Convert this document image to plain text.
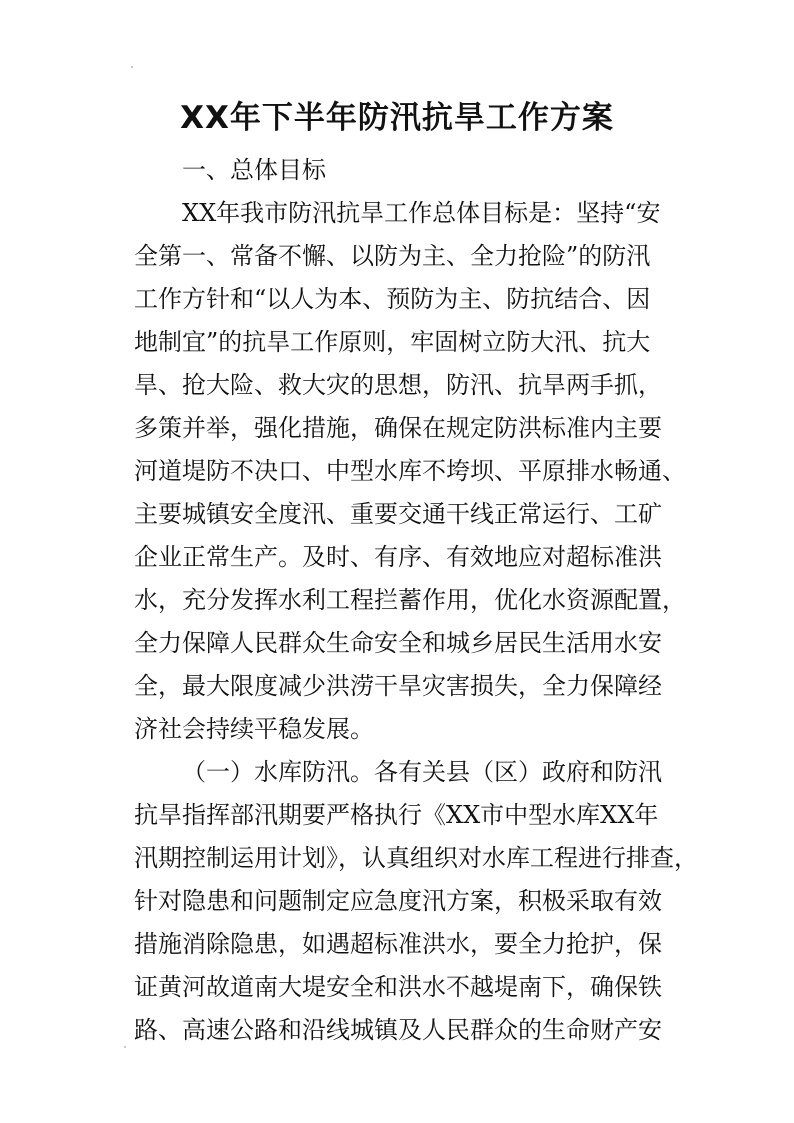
XX年下半年防汛抗旱工作方案

一、总体目标

XX年我市防汛抗旱工作总体目标是：坚持“安

全第一、常备不懈、以防为主、全力抢险”的防汛

工作方针和“以人为本、预防为主、防抗结合、因

地制宜”的抗旱工作原则，牢固树立防大汛、抗大

旱、抢大险、救大灾的思想，防汛、抗旱两手抓，

多策并举，强化措施，确保在规定防洪标准内主要

河道堤防不决口、中型水库不垮坝、平原排水畅通、

主要城镇安全度汛、重要交通干线正常运行、工矿

企业正常生产。及时、有序、有效地应对超标准洪

水，充分发挥水利工程拦蓄作用，优化水资源配置，

全力保障人民群众生命安全和城乡居民生活用水安

全，最大限度减少洪涝干旱灾害损失，全力保障经

济社会持续平稳发展。

（一）水库防汛。各有关县（区）政府和防汛

抗旱指挥部汛期要严格执行《XX市中型水库XX年

汛期控制运用计划》，认真组织对水库工程进行排查，

针对隐患和问题制定应急度汛方案，积极采取有效

措施消除隐患，如遇超标准洪水，要全力抢护，保

证黄河故道南大堤安全和洪水不越堤南下，确保铁

路、高速公路和沿线城镇及人民群众的生命财产安
